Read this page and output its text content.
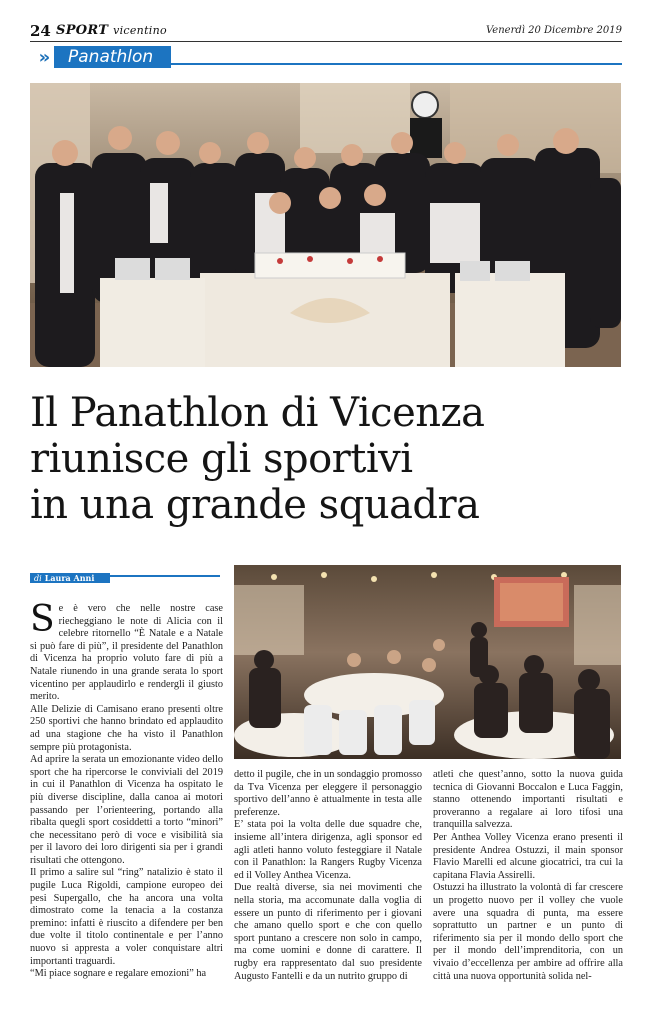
24 SPORT vicentino	Venerdì 20 Dicembre 2019
»	Panathlon
Il Panathlon di Vicenza
riunisce gli sportivi
in una grande squadra
di Laura Anni

Se è vero che nelle nostre case riecheggiano le note di Alicia con il celebre ritornello “È Natale e a Natale si può fare di più”, il presidente del Panathlon di Vicenza ha proprio voluto fare di più a Natale riunendo in una grande serata lo sport vicentino per applaudirlo e rendergli il giusto merito.

Alle Delizie di Camisano erano presenti oltre 250 sportivi che hanno brindato ed applaudito ad una stagione che ha visto il Panathlon sempre più protagonista.

Ad aprire la serata un emozionante video dello sport che ha ripercorse le conviviali del 2019 in cui il Panathlon di Vicenza ha ospitato le più diverse discipline, dalla canoa ai motori passando per l’orienteering, portando alla ribalta quegli sport cosiddetti a torto “minori” che necessitano però di voce e visibilità sia per il lavoro dei loro dirigenti sia per i grandi risultati che ottengono.

Il primo a salire sul “ring” natalizio è stato il pugile Luca Rigoldi, campione europeo dei pesi Supergallo, che ha ancora una volta dimostrato come la tenacia a la costanza premino: infatti è riuscito a difendere per ben due volte il titolo continentale e per l’anno nuovo si appresta a voler conquistare altri importanti traguardi.

“Mi piace sognare e regalare emozioni” ha

detto il pugile, che in un sondaggio promosso da Tva Vicenza per eleggere il personaggio sportivo dell’anno è attualmente in testa alle preferenze.

E’ stata poi la volta delle due squadre che, insieme all’intera dirigenza, agli sponsor ed agli atleti hanno voluto festeggiare il Natale con il Panathlon: la Rangers Rugby Vicenza ed il Volley Anthea Vicenza.

Due realtà diverse, sia nei movimenti che nella storia, ma accomunate dalla voglia di essere un punto di riferimento per i giovani che amano quello sport e che con quello sport puntano a crescere non solo in campo, ma come uomini e donne di carattere. Il rugby era rappresentato dal suo presidente Augusto Fantelli e da un nutrito gruppo di

atleti che quest’anno, sotto la nuova guida tecnica di Giovanni Boccalon e Luca Faggin, stanno ottenendo importanti risultati e proveranno a regalare ai loro tifosi una tranquilla salvezza.

Per Anthea Volley Vicenza erano presenti il presidente Andrea Ostuzzi, il main sponsor Flavio Marelli ed alcune giocatrici, tra cui la capitana Flavia Assirelli.

Ostuzzi ha illustrato la volontà di far crescere un progetto nuovo per il volley che vuole avere una squadra di punta, ma essere soprattutto un partner e un punto di riferimento sia per il mondo dello sport che per il mondo dell’imprenditoria, con un vivaio d’eccellenza per ambire ad offrire alla città una nuova opportunità solida nel-
